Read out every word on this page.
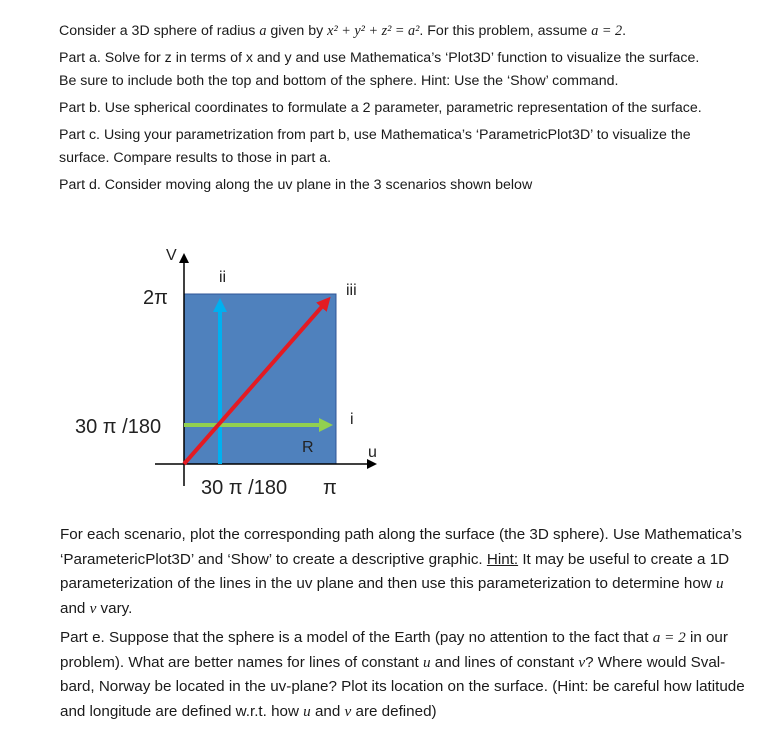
Consider a 3D sphere of radius a given by x² + y² + z² = a². For this problem, assume a = 2.
Part a. Solve for z in terms of x and y and use Mathematica’s ‘Plot3D’ function to visualize the surface.
Be sure to include both the top and bottom of the sphere. Hint: Use the ‘Show’ command.
Part b. Use spherical coordinates to formulate a 2 parameter, parametric representation of the surface.
Part c. Using your parametrization from part b, use Mathematica’s ‘ParametricPlot3D’ to visualize the
surface. Compare results to those in part a.
Part d. Consider moving along the uv plane in the 3 scenarios shown below
V
ii
iii
2π
30 π /180	i
R	u
30 π /180 π
For each scenario, plot the corresponding path along the surface (the 3D sphere). Use Mathematica’s
‘ParametericPlot3D’ and ‘Show’ to create a descriptive graphic. Hint: It may be useful to create a 1D
parameterization of the lines in the uv plane and then use this parameterization to determine how u
and v vary.
Part e. Suppose that the sphere is a model of the Earth (pay no attention to the fact that a = 2 in our
problem). What are better names for lines of constant u and lines of constant v? Where would Sval-
bard, Norway be located in the uv-plane? Plot its location on the surface. (Hint: be careful how latitude
and longitude are defined w.r.t. how u and v are defined)
